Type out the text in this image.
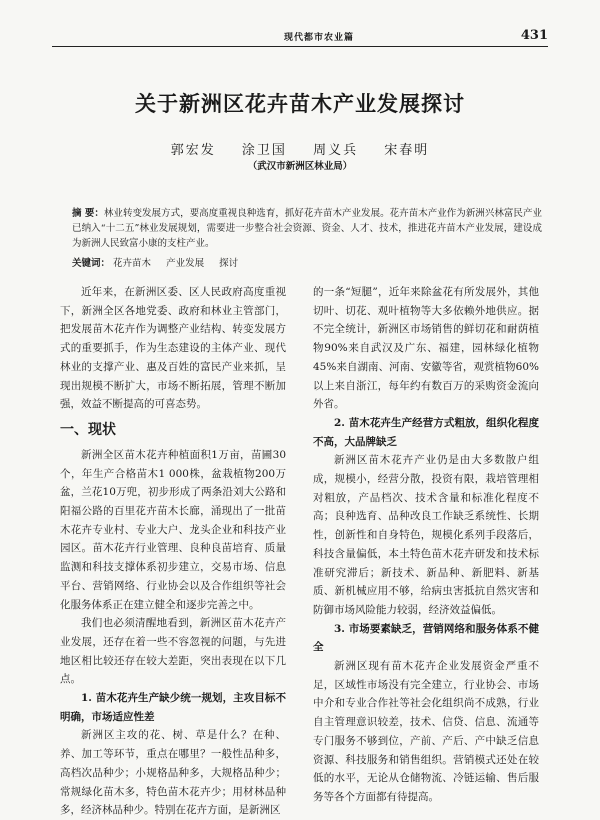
现代都市农业篇	431
关于新洲区花卉苗木产业发展探讨
郭宏发 涂卫国 周义兵 宋春明
（武汉市新洲区林业局）
摘 要：林业转变发展方式，要高度重视良种选育，抓好花卉苗木产业发展。花卉苗木产业作为新洲兴林富民产业已纳入“十二五”林业发展规划，需要进一步整合社会资源、资金、人才、技术，推进花卉苗木产业发展，建设成为新洲人民致富小康的支柱产业。
关键词： 花卉苗木 产业发展 探讨

近年来，在新洲区委、区人民政府高度重视下，新洲全区各地党委、政府和林业主管部门，把发展苗木花卉作为调整产业结构、转变发展方式的重要抓手，作为生态建设的主体产业、现代林业的支撑产业、惠及百姓的富民产业来抓，呈现出规模不断扩大，市场不断拓展，管理不断加强，效益不断提高的可喜态势。

一、现状

新洲全区苗木花卉种植面积1万亩，苗圃30个，年生产合格苗木1 000株，盆栽植物200万盆，兰花10万兜，初步形成了两条沿刘大公路和阳福公路的百里花卉苗木长廊，涌现出了一批苗木花卉专业村、专业大户、龙头企业和科技产业园区。苗木花卉行业管理、良种良苗培育、质量监测和科技支撑体系初步建立，交易市场、信息平台、营销网络、行业协会以及合作组织等社会化服务体系正在建立健全和逐步完善之中。

我们也必须清醒地看到，新洲区苗木花卉产业发展，还存在着一些不容忽视的问题，与先进地区相比较还存在较大差距，突出表现在以下几点。

1. 苗木花卉生产缺少统一规划，主攻目标不明确，市场适应性差

新洲区主攻的花、树、草是什么？在种、养、加工等环节，重点在哪里？一般性品种多，高档次品种少；小规格品种多，大规格品种少；常规绿化苗木多，特色苗木花卉少；用材林品种多，经济林品种少。特别在花卉方面，是新洲区

的一条“短腿”，近年来除盆花有所发展外，其他切叶、切花、观叶植物等大多依赖外地供应。据不完全统计，新洲区市场销售的鲜切花和耐荫植物90%来自武汉及广东、福建，园林绿化植物45%来自湖南、河南、安徽等省，观赏植物60%以上来自浙江，每年约有数百万的采购资金流向外省。

2. 苗木花卉生产经营方式粗放，组织化程度不高，大品牌缺乏

新洲区苗木花卉产业仍是由大多数散户组成，规模小，经营分散，投资有限，栽培管理相对粗放，产品档次、技术含量和标准化程度不高；良种选育、品种改良工作缺乏系统性、长期性，创新性和自身特色，规模化系列手段落后，科技含量偏低，本土特色苗木花卉研发和技术标准研究滞后；新技术、新品种、新肥料、新基质、新机械应用不够，给病虫害抵抗自然灾害和防御市场风险能力较弱，经济效益偏低。

3. 市场要素缺乏，营销网络和服务体系不健全

新洲区现有苗木花卉企业发展资金严重不足，区域性市场没有完全建立，行业协会、市场中介和专业合作社等社会化组织尚不成熟，行业自主管理意识较差，技术、信贷、信息、流通等专门服务不够到位，产前、产后、产中缺乏信息资源、科技服务和销售组织。营销模式还处在较低的水平，无论从仓储物流、冷链运输、售后服务等各个方面都有待提高。
